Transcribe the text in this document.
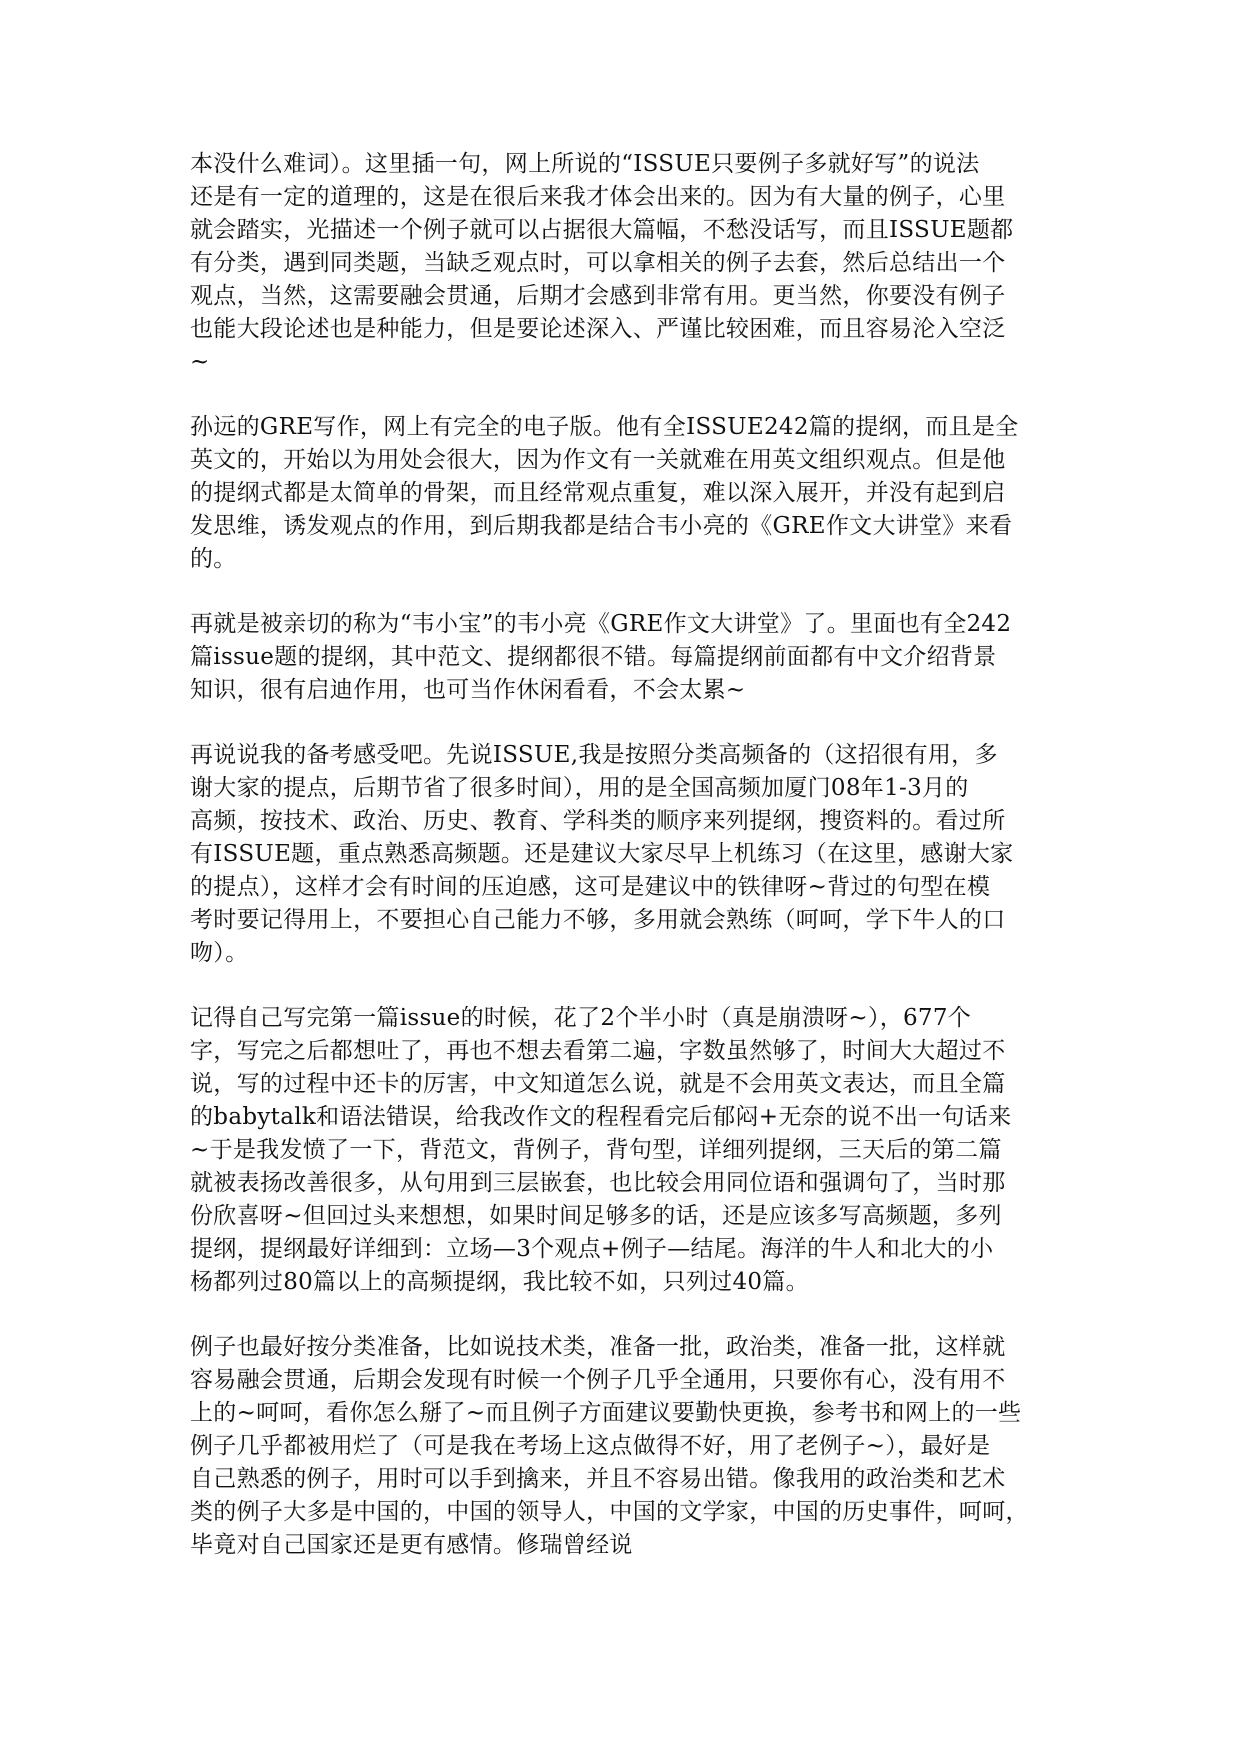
本没什么难词）。这里插一句，网上所说的“ISSUE只要例子多就好写”的说法
还是有一定的道理的，这是在很后来我才体会出来的。因为有大量的例子，心里
就会踏实，光描述一个例子就可以占据很大篇幅，不愁没话写，而且ISSUE题都
有分类，遇到同类题，当缺乏观点时，可以拿相关的例子去套，然后总结出一个
观点，当然，这需要融会贯通，后期才会感到非常有用。更当然，你要没有例子
也能大段论述也是种能力，但是要论述深入、严谨比较困难，而且容易沦入空泛
~

孙远的GRE写作，网上有完全的电子版。他有全ISSUE242篇的提纲，而且是全
英文的，开始以为用处会很大，因为作文有一关就难在用英文组织观点。但是他
的提纲式都是太简单的骨架，而且经常观点重复，难以深入展开，并没有起到启
发思维，诱发观点的作用，到后期我都是结合韦小亮的《GRE作文大讲堂》来看
的。

再就是被亲切的称为“韦小宝”的韦小亮《GRE作文大讲堂》了。里面也有全242
篇issue题的提纲，其中范文、提纲都很不错。每篇提纲前面都有中文介绍背景
知识，很有启迪作用，也可当作休闲看看，不会太累~

再说说我的备考感受吧。先说ISSUE,我是按照分类高频备的（这招很有用，多
谢大家的提点，后期节省了很多时间），用的是全国高频加厦门08年1-3月的
高频，按技术、政治、历史、教育、学科类的顺序来列提纲，搜资料的。看过所
有ISSUE题，重点熟悉高频题。还是建议大家尽早上机练习（在这里，感谢大家
的提点），这样才会有时间的压迫感，这可是建议中的铁律呀~背过的句型在模
考时要记得用上，不要担心自己能力不够，多用就会熟练（呵呵，学下牛人的口
吻）。

记得自己写完第一篇issue的时候，花了2个半小时（真是崩溃呀~），677个
字，写完之后都想吐了，再也不想去看第二遍，字数虽然够了，时间大大超过不
说，写的过程中还卡的厉害，中文知道怎么说，就是不会用英文表达，而且全篇
的babytalk和语法错误，给我改作文的程程看完后郁闷+无奈的说不出一句话来
~于是我发愤了一下，背范文，背例子，背句型，详细列提纲，三天后的第二篇
就被表扬改善很多，从句用到三层嵌套，也比较会用同位语和强调句了，当时那
份欣喜呀~但回过头来想想，如果时间足够多的话，还是应该多写高频题，多列
提纲，提纲最好详细到：立场—3个观点+例子—结尾。海洋的牛人和北大的小
杨都列过80篇以上的高频提纲，我比较不如，只列过40篇。

例子也最好按分类准备，比如说技术类，准备一批，政治类，准备一批，这样就
容易融会贯通，后期会发现有时候一个例子几乎全通用，只要你有心，没有用不
上的~呵呵，看你怎么掰了~而且例子方面建议要勤快更换，参考书和网上的一些
例子几乎都被用烂了（可是我在考场上这点做得不好，用了老例子~），最好是
自己熟悉的例子，用时可以手到擒来，并且不容易出错。像我用的政治类和艺术
类的例子大多是中国的，中国的领导人，中国的文学家，中国的历史事件，呵呵，
毕竟对自己国家还是更有感情。修瑞曾经说
